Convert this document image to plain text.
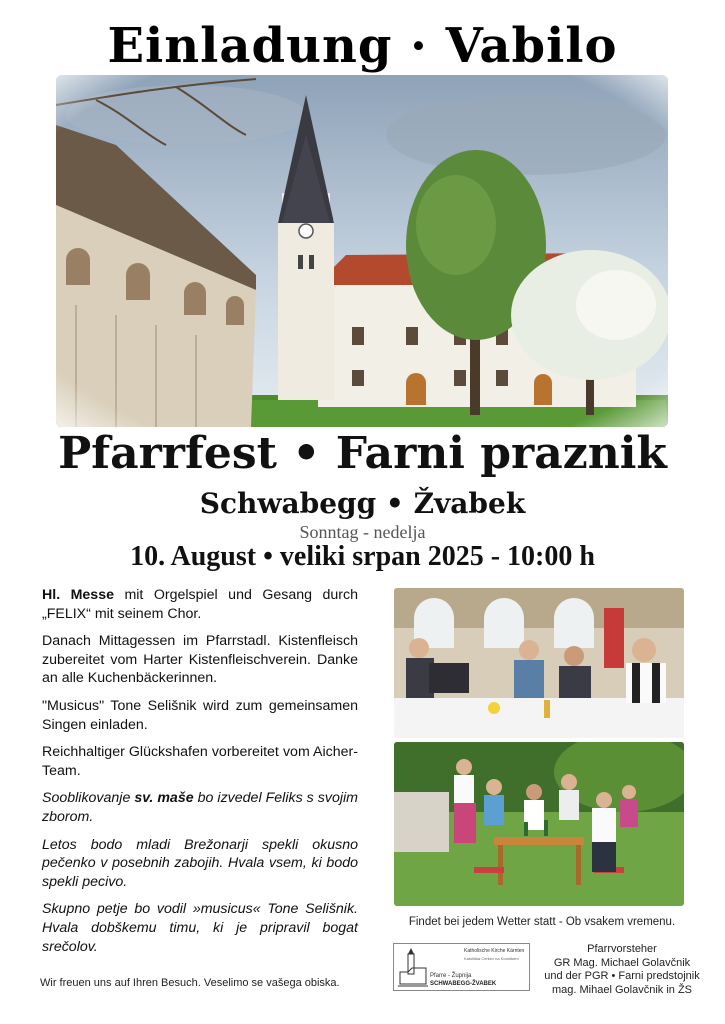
Einladung · Vabilo
Pfarrfest • Farni praznik
Schwabegg • Žvabek
Sonntag - nedelja
10. August • veliki srpan 2025 - 10:00 h

Hl. Messe mit Orgelspiel und Gesang durch „FELIX“ mit seinem Chor.

Danach Mittagessen im Pfarrstadl. Kistenfleisch zubereitet vom Harter Kistenfleischverein. Danke an alle Kuchenbäckerinnen.

"Musicus" Tone Selišnik wird zum gemeinsamen Singen einladen.

Reichhaltiger Glückshafen vorbereitet vom Aicher-Team.

Sooblikovanje sv. maše bo izvedel Feliks s svojim zborom.

Letos bodo mladi Brežonarji spekli okusno pečenko v posebnih zabojih. Hvala vsem, ki bodo spekli pecivo.

Skupno petje bo vodil »musicus« Tone Selišnik. Hvala dobškemu timu, ki je pripravil bogat srečolov.

Wir freuen uns auf Ihren Besuch. Veselimo se vašega obiska.
Findet bei jedem Wetter statt - Ob vsakem vremenu.
Katholische Kirche Kärnten
Katoliška Cerkev na Koroškem
Pfarre - Župnija
SCHWABEGG-ŽVABEK
Pfarrvorsteher
GR Mag. Michael Golavčnik
und der PGR • Farni predstojnik
mag. Mihael Golavčnik in ŽS
